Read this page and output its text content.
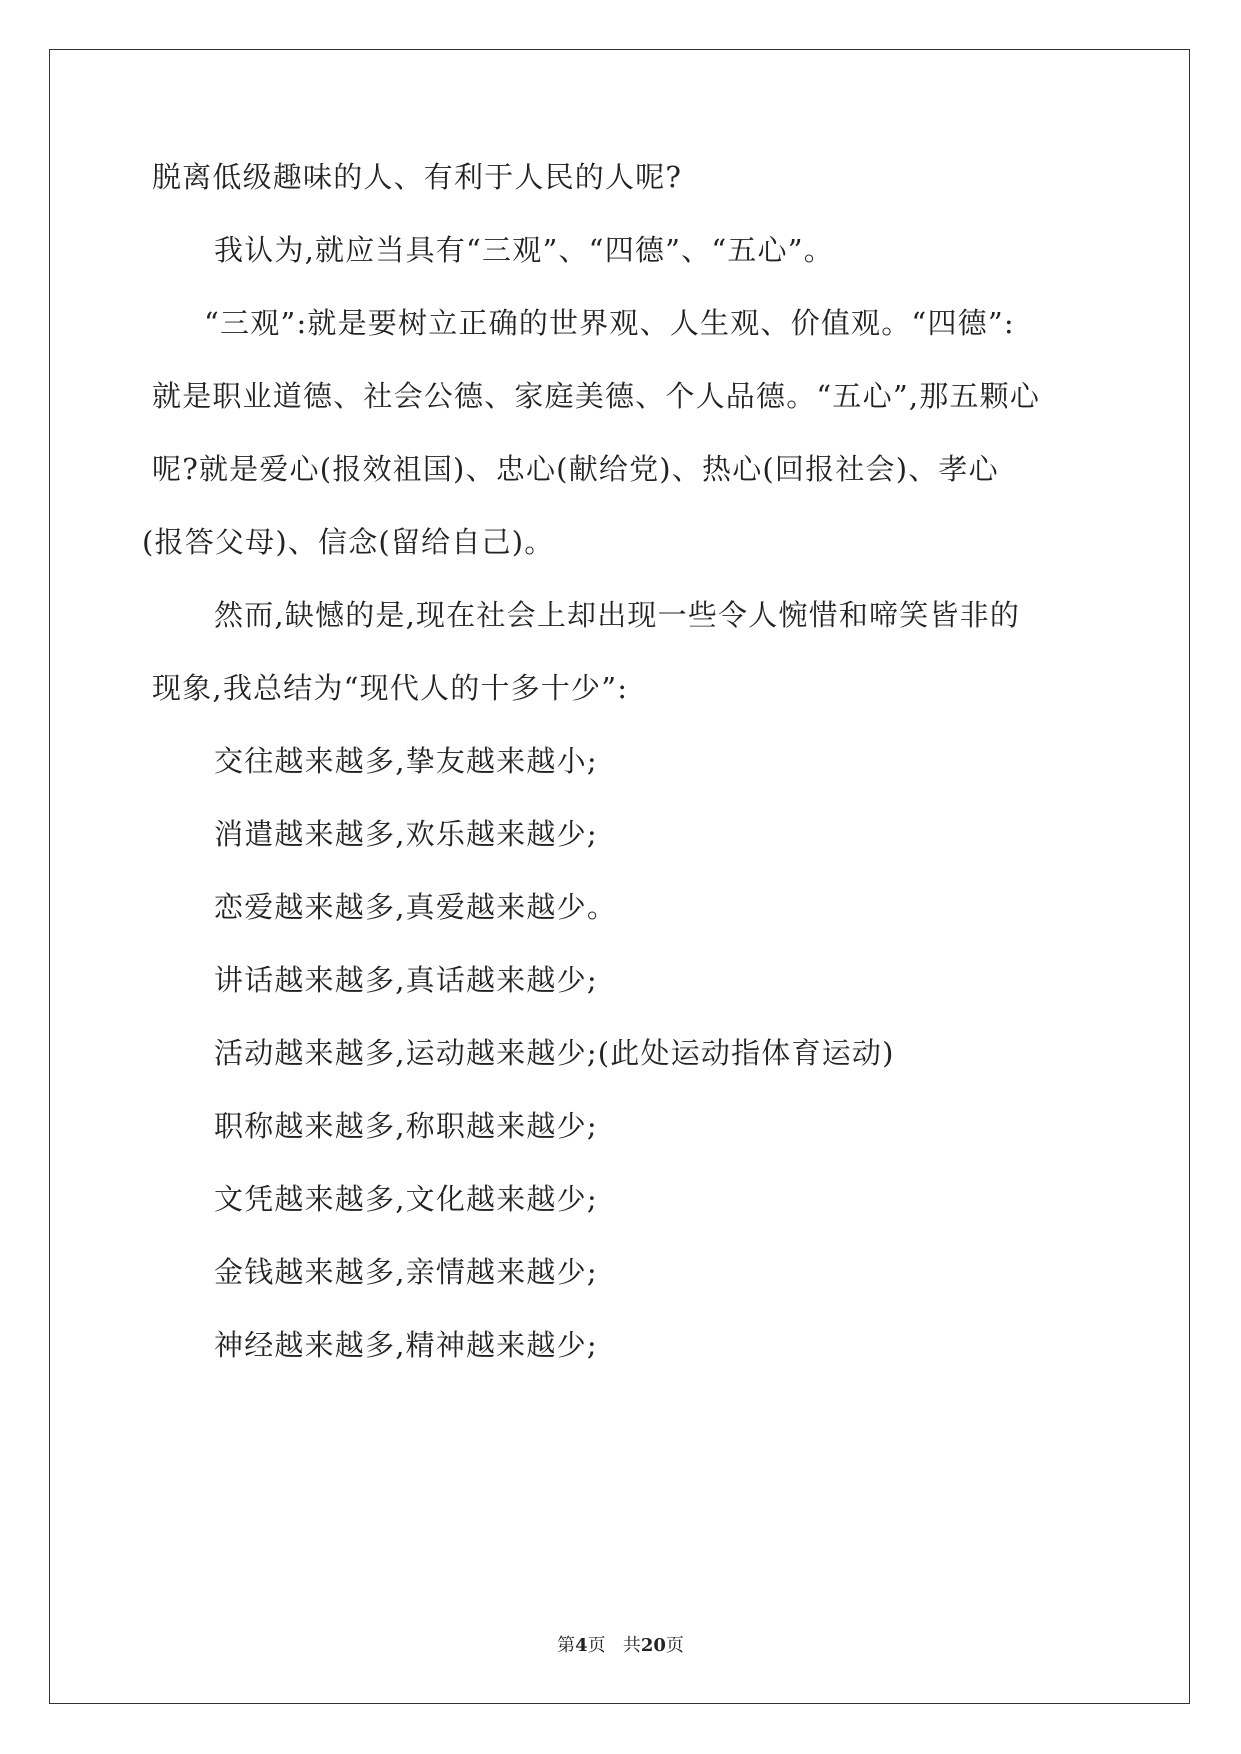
脱离低级趣味的人、有利于人民的人呢?
我认为,就应当具有“三观”、“四德”、“五心”。
“三观”:就是要树立正确的世界观、人生观、价值观。“四德”:
就是职业道德、社会公德、家庭美德、个人品德。“五心”,那五颗心
呢?就是爱心(报效祖国)、忠心(献给党)、热心(回报社会)、孝心
(报答父母)、信念(留给自己)。
然而,缺憾的是,现在社会上却出现一些令人惋惜和啼笑皆非的
现象,我总结为“现代人的十多十少”:
交往越来越多,挚友越来越小;
消遣越来越多,欢乐越来越少;
恋爱越来越多,真爱越来越少。
讲话越来越多,真话越来越少;
活动越来越多,运动越来越少;(此处运动指体育运动)
职称越来越多,称职越来越少;
文凭越来越多,文化越来越少;
金钱越来越多,亲情越来越少;
神经越来越多,精神越来越少;
第4页 共20页
